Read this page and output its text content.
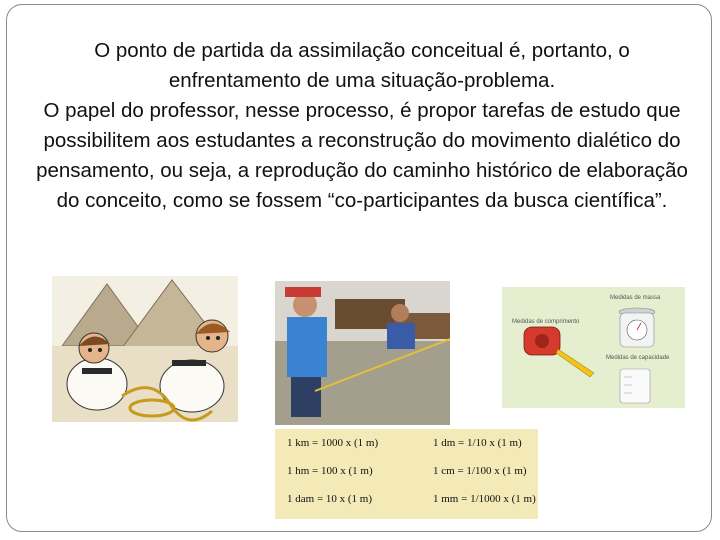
O ponto de partida da assimilação conceitual é, portanto, o enfrentamento de uma situação-problema.

O papel do professor, nesse processo, é propor tarefas de estudo que possibilitem aos estudantes a reconstrução do movimento dialético do pensamento, ou seja, a reprodução do caminho histórico de elaboração do conceito, como se fossem “co-participantes da busca científica”.

Medidas de massa
Medidas de comprimento
Medidas de capacidade
1 km = 1000 x (1 m)	1 dm = 1/10 x (1 m)
1 hm = 100 x (1 m)	1 cm = 1/100 x (1 m)
1 dam = 10 x (1 m)	1 mm = 1/1000 x (1 m)
